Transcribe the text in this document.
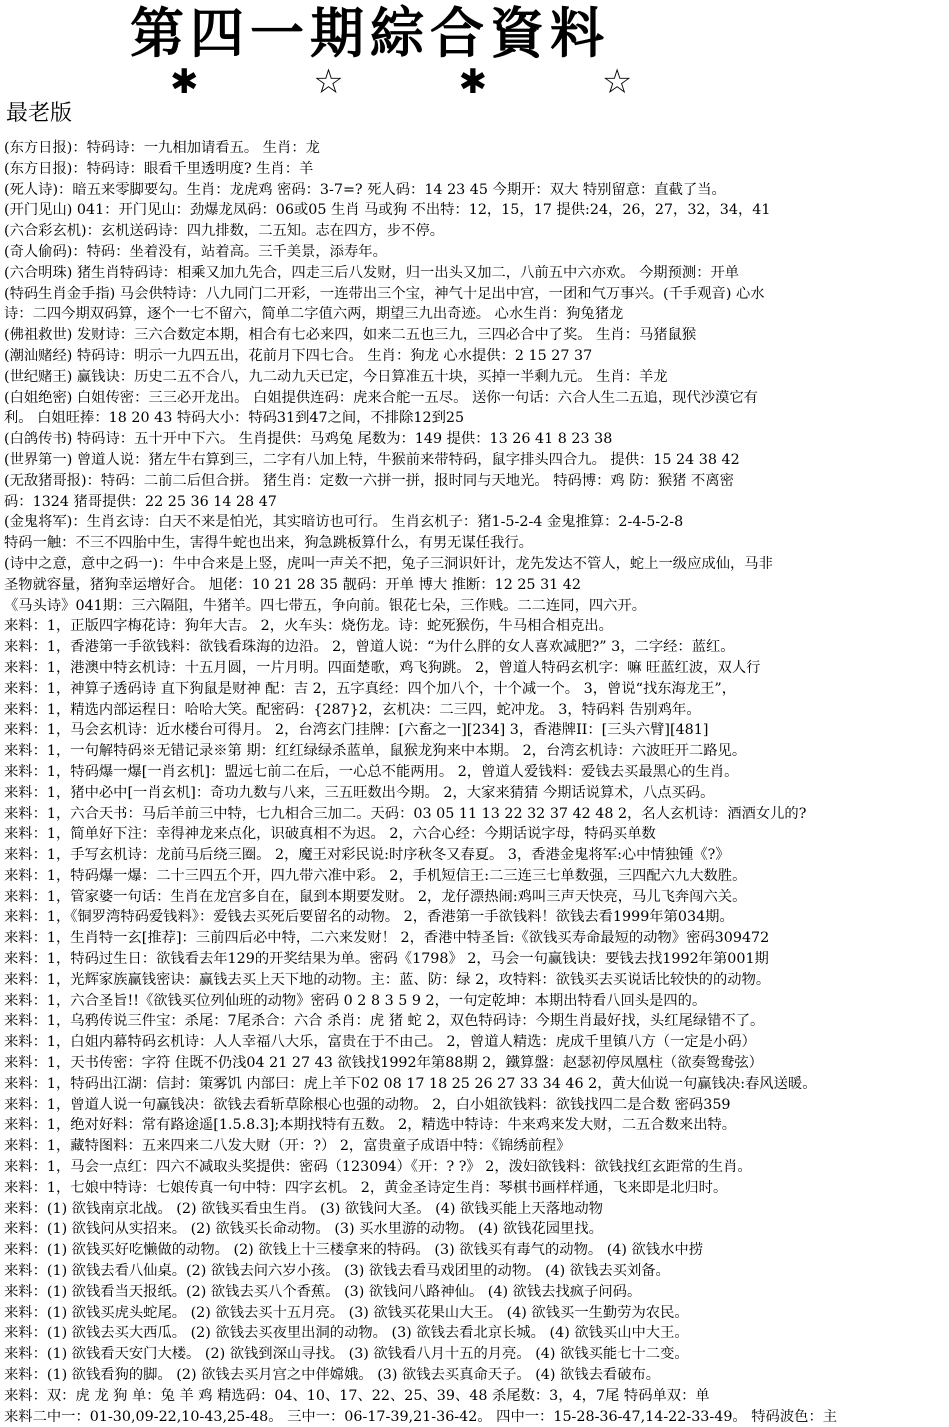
第四一期綜合資料
✱ ☆ ✱ ☆
最老版
(东方日报)：特码诗：一九相加请看五。 生肖：龙
(东方日报)：特码诗：眼看千里透明度? 生肖：羊
(死人诗)：暗五来零脚要勾。生肖：龙虎鸡 密码：3-7=? 死人码：14 23 45 今期开：双大 特别留意：直截了当。
(开门见山) 041：开门见山：劲爆龙凤码：06或05 生肖 马或狗 不出特：12，15，17 提供:24，26，27，32，34，41
(六合彩玄机)：玄机送码诗：四九排数，二五知。志在四方，步不停。
(奇人偷码)：特码：坐着没有，站着高。三千美景，添寿年。
(六合明珠) 猪生肖特码诗：相乘又加九先合，四走三后八发财，归一出头又加二，八前五中六亦欢。 今期预测：开单
(特码生肖金手指) 马会供特诗：八九同门二开彩，一连带出三个宝，神气十足出中宫，一团和气万事兴。(千手观音) 心水
诗：二四今期双码算，逐个一七不留六，简单二字值六两，期望三九出奇迹。 心水生肖：狗兔猪龙
(佛祖救世) 发财诗：三六合数定本期，相合有七必来四，如来二五也三九，三四必合中了奖。 生肖：马猪鼠猴
(潮汕赌经) 特码诗：明示一九四五出，花前月下四七合。 生肖：狗龙 心水提供：2 15 27 37
(世纪赌王) 赢钱诀：历史二五不合八，九二动九天已定，今日算准五十块，买掉一半剩九元。 生肖：羊龙
(白姐绝密) 白姐传密：三三必开龙出。 白姐提供连码：虎来合舵一五尽。 送你一句话：六合人生二五追，现代沙漠它有
利。 白姐旺捧：18 20 43 特码大小：特码31到47之间，不排除12到25
(白鸽传书) 特码诗：五十开中下六。 生肖提供：马鸡兔 尾数为：149 提供：13 26 41 8 23 38
(世界第一) 曾道人说：猪左牛右算到三，二字有八加上特，牛猴前来带特码，鼠字排头四合九。 提供：15 24 38 42
(无敌猪哥报)：特码：二前二后但合拼。 猪生肖：定数一六拼一拼，报时同与天地光。 特码博：鸡 防：猴猪 不离密
码：1324 猪哥提供：22 25 36 14 28 47
(金鬼将军)：生肖玄诗：白天不来是怕光，其实暗访也可行。 生肖玄机子：猪1-5-2-4 金鬼推算：2-4-5-2-8
特码一触：不三不四胎中生，害得牛蛇也出来，狗急跳板算什么，有男无谋任我行。
(诗中之意，意中之码一)：牛中合来是上竖，虎叫一声关不把，兔子三洞识奸计，龙先发达不管人，蛇上一级应成仙，马非
圣物就容量，猪狗幸运增好合。 旭佬：10 21 28 35 靓码：开单 博大 推断：12 25 31 42
《马头诗》041期：三六隔阻，牛猪羊。四七带五，争向前。银花七朵，三作贱。二二连同，四六开。
来料：1，正版四字梅花诗：狗年大吉。 2，火车头：烧伤龙。诗：蛇死猴伤，牛马相合相克出。
来料：1，香港第一手欲钱料：欲钱看珠海的边沿。 2，曾道人说：“为什么胖的女人喜欢减肥?” 3，二字经：蓝红。
来料：1，港澳中特玄机诗：十五月圆，一片月明。四面楚歌，鸡飞狗跳。 2，曾道人特码玄机字：嘛 旺蓝红波，双人行
来料：1，神算子透码诗 直下狗鼠是财神 配：吉 2，五字真经：四个加八个，十个减一个。 3，曾说“找东海龙王”，
来料：1，精选内部运程日：哈哈大笑。配密码：{287}2，玄机决：二三四，蛇冲龙。 3，特码料 告别鸡年。
来料：1，马会玄机诗：近水楼台可得月。 2，台湾玄门挂牌：[六畜之一][234] 3，香港牌II：[三头六臂][481]
来料：1，一句解特码※无错记录※第 期：红红绿绿杀蓝单，鼠猴龙狗来中本期。 2，台湾玄机诗：六波旺开二路见。
来料：1，特码爆一爆[一肖玄机]：盟远七前二在后，一心总不能两用。 2，曾道人爱钱料：爱钱去买最黑心的生肖。
来料：1，猪中必中[一肖玄机]：奇功九数与八来，三五旺数出今期。 2，大家来猜猜 今期话说算术，八点买码。
来料：1，六合天书：马后羊前三中特，七九相合三加二。天码：03 05 11 13 22 32 37 42 48 2，名人玄机诗：酒酒女儿的?
来料：1，简单好下注：幸得神龙来点化，识破真相不为迟。 2，六合心经：今期话说字母，特码买单数
来料：1，手写玄机诗：龙前马后绕三圈。 2，魔王对彩民说:时序秋冬又春夏。 3，香港金鬼将军:心中情独锺《?》
来料：1，特码爆一爆：二十三四五个开，四九带六准中彩。 2，手机短信王:二三连三七单数强，三四配六九大数胜。
来料：1，管家婆一句话：生肖在龙宫多自在，鼠到本期要发财。 2，龙仔漂热闹:鸡叫三声天快亮，马儿飞奔闯六关。
来料：1，《铜罗湾特码爱钱料》：爱钱去买死后要留名的动物。 2，香港第一手欲钱料！欲钱去看1999年第034期。
来料：1，生肖特一玄[推荐]：三前四后必中特，二六来发财！ 2，香港中特圣旨:《欲钱买寿命最短的动物》密码309472
来料：1，特码过生日：欲钱看去年129的开奖结果为单。密码《1798》 2，马会一句赢钱诀：要钱去找1992年第001期
来料：1，光辉家族赢钱密诀：赢钱去买上天下地的动物。主：蓝、防：绿 2，攻特料：欲钱买去买说话比较快的的动物。
来料：1，六合圣旨!!《欲钱买位列仙班的动物》密码 0 2 8 3 5 9 2，一句定乾坤：本期出特看八回头是四的。
来料：1，乌鸦传说三件宝：杀尾：7尾杀合：六合 杀肖：虎 猪 蛇 2，双色特码诗：今期生肖最好找，头红尾绿错不了。
来料：1，白姐内幕特码玄机诗：人人幸福八大乐，富贵在于不由己。 2，曾道人精选：虎成千里镇八方（一定是小码）
来料：1，天书传密：字符 住既不仍浅04 21 27 43 欲钱找1992年第88期 2，鐵算盤：赵瑟初停凤凰柱（欲奏鸳鸯弦）
来料：1，特码出江湖：信封：策雾饥 内部曰：虎上羊下02 08 17 18 25 26 27 33 34 46 2，黄大仙说一句赢钱决:春风送暖。
来料：1，曾道人说一句赢钱决：欲钱去看斩草除根心也强的动物。 2，白小姐欲钱料：欲钱找四二是合数 密码359
来料：1，绝对好料：常有路途遥[1.5.8.3];本期找特有五数。 2，精选中特诗：牛来鸡来发大财，二五合数来出特。
来料：1，藏特图料：五来四来二八发大财（开：?） 2，富贵童子成语中特：《锦绣前程》
来料：1，马会一点红：四六不减取头奖提供：密码（123094）《开：? ?》 2，泼妇欲钱料：欲钱找红玄距常的生肖。
来料：1，七娘中特诗：七娘传真一句中特：四字玄机。 2，黄金圣诗定生肖：琴棋书画样样通，飞来即是北归时。
来料：(1) 欲钱南京北战。 (2) 欲钱买看虫生肖。 (3) 欲钱问大圣。 (4) 欲钱买能上天落地动物
来料：(1) 欲钱问从实招来。 (2) 欲钱买长命动物。 (3) 买水里游的动物。 (4) 欲钱花园里找。
来料：(1) 欲钱买好吃懒做的动物。 (2) 欲钱上十三楼拿来的特码。 (3) 欲钱买有毒气的动物。 (4) 欲钱水中捞
来料：(1) 欲钱去看八仙桌。(2) 欲钱去问六岁小孩。 (3) 欲钱去看马戏团里的动物。 (4) 欲钱去买刘备。
来料：(1) 欲钱看当天报纸。(2) 欲钱去买八个香蕉。 (3) 欲钱问八路神仙。 (4) 欲钱去找疯子问码。
来料：(1) 欲钱买虎头蛇尾。 (2) 欲钱去买十五月亮。 (3) 欲钱买花果山大王。 (4) 欲钱买一生勤劳为农民。
来料：(1) 欲钱去买大西瓜。 (2) 欲钱去买夜里出洞的动物。 (3) 欲钱去看北京长城。 (4) 欲钱买山中大王。
来料：(1) 欲钱看天安门大楼。 (2) 欲钱到深山寻找。 (3) 欲钱看八月十五的月亮。 (4) 欲钱买能七十二变。
来料：(1) 欲钱看狗的脚。 (2) 欲钱去买月宫之中伴嫦娥。 (3) 欲钱去买真命天子。 (4) 欲钱去看破布。
来料：双：虎 龙 狗 单：兔 羊 鸡 精选码：04、10、17、22、25、39、48 杀尾数：3，4，7尾 特码单双：单
来料二中一：01-30,09-22,10-43,25-48。 三中一：06-17-39,21-36-42。 四中一：15-28-36-47,14-22-33-49。 特码波色：主
